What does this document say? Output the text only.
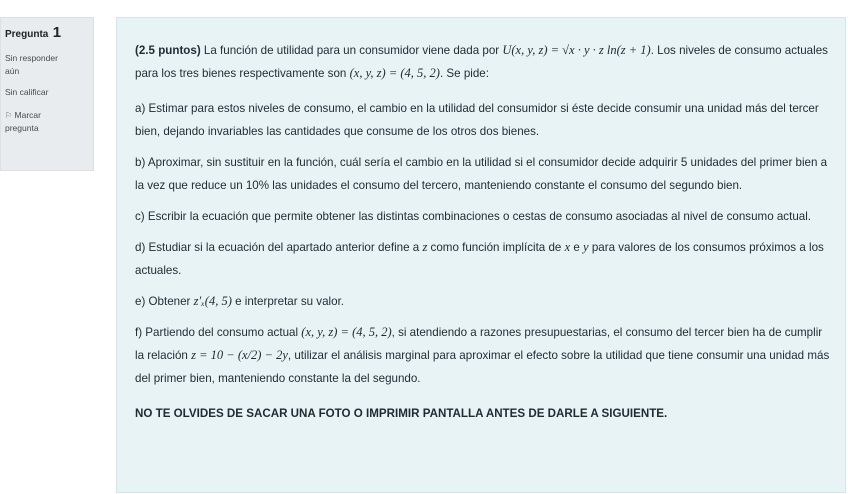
Pregunta 1
Sin responder
aún
Sin calificar
⚐ Marcar
pregunta

(2.5 puntos) La función de utilidad para un consumidor viene dada por U(x, y, z) = √x · y · z ln(z + 1). Los niveles de consumo actuales para los tres bienes respectivamente son (x, y, z) = (4, 5, 2). Se pide:

a) Estimar para estos niveles de consumo, el cambio en la utilidad del consumidor si éste decide consumir una unidad más del tercer bien, dejando invariables las cantidades que consume de los otros dos bienes.

b) Aproximar, sin sustituir en la función, cuál sería el cambio en la utilidad si el consumidor decide adquirir 5 unidades del primer bien a la vez que reduce un 10% las unidades el consumo del tercero, manteniendo constante el consumo del segundo bien.

c) Escribir la ecuación que permite obtener las distintas combinaciones o cestas de consumo asociadas al nivel de consumo actual.

d) Estudiar si la ecuación del apartado anterior define a z como función implícita de x e y para valores de los consumos próximos a los actuales.

e) Obtener z′ₓ(4, 5) e interpretar su valor.

f) Partiendo del consumo actual (x, y, z) = (4, 5, 2), si atendiendo a razones presupuestarias, el consumo del tercer bien ha de cumplir la relación z = 10 − (x/2) − 2y, utilizar el análisis marginal para aproximar el efecto sobre la utilidad que tiene consumir una unidad más del primer bien, manteniendo constante la del segundo.

NO TE OLVIDES DE SACAR UNA FOTO O IMPRIMIR PANTALLA ANTES DE DARLE A SIGUIENTE.
